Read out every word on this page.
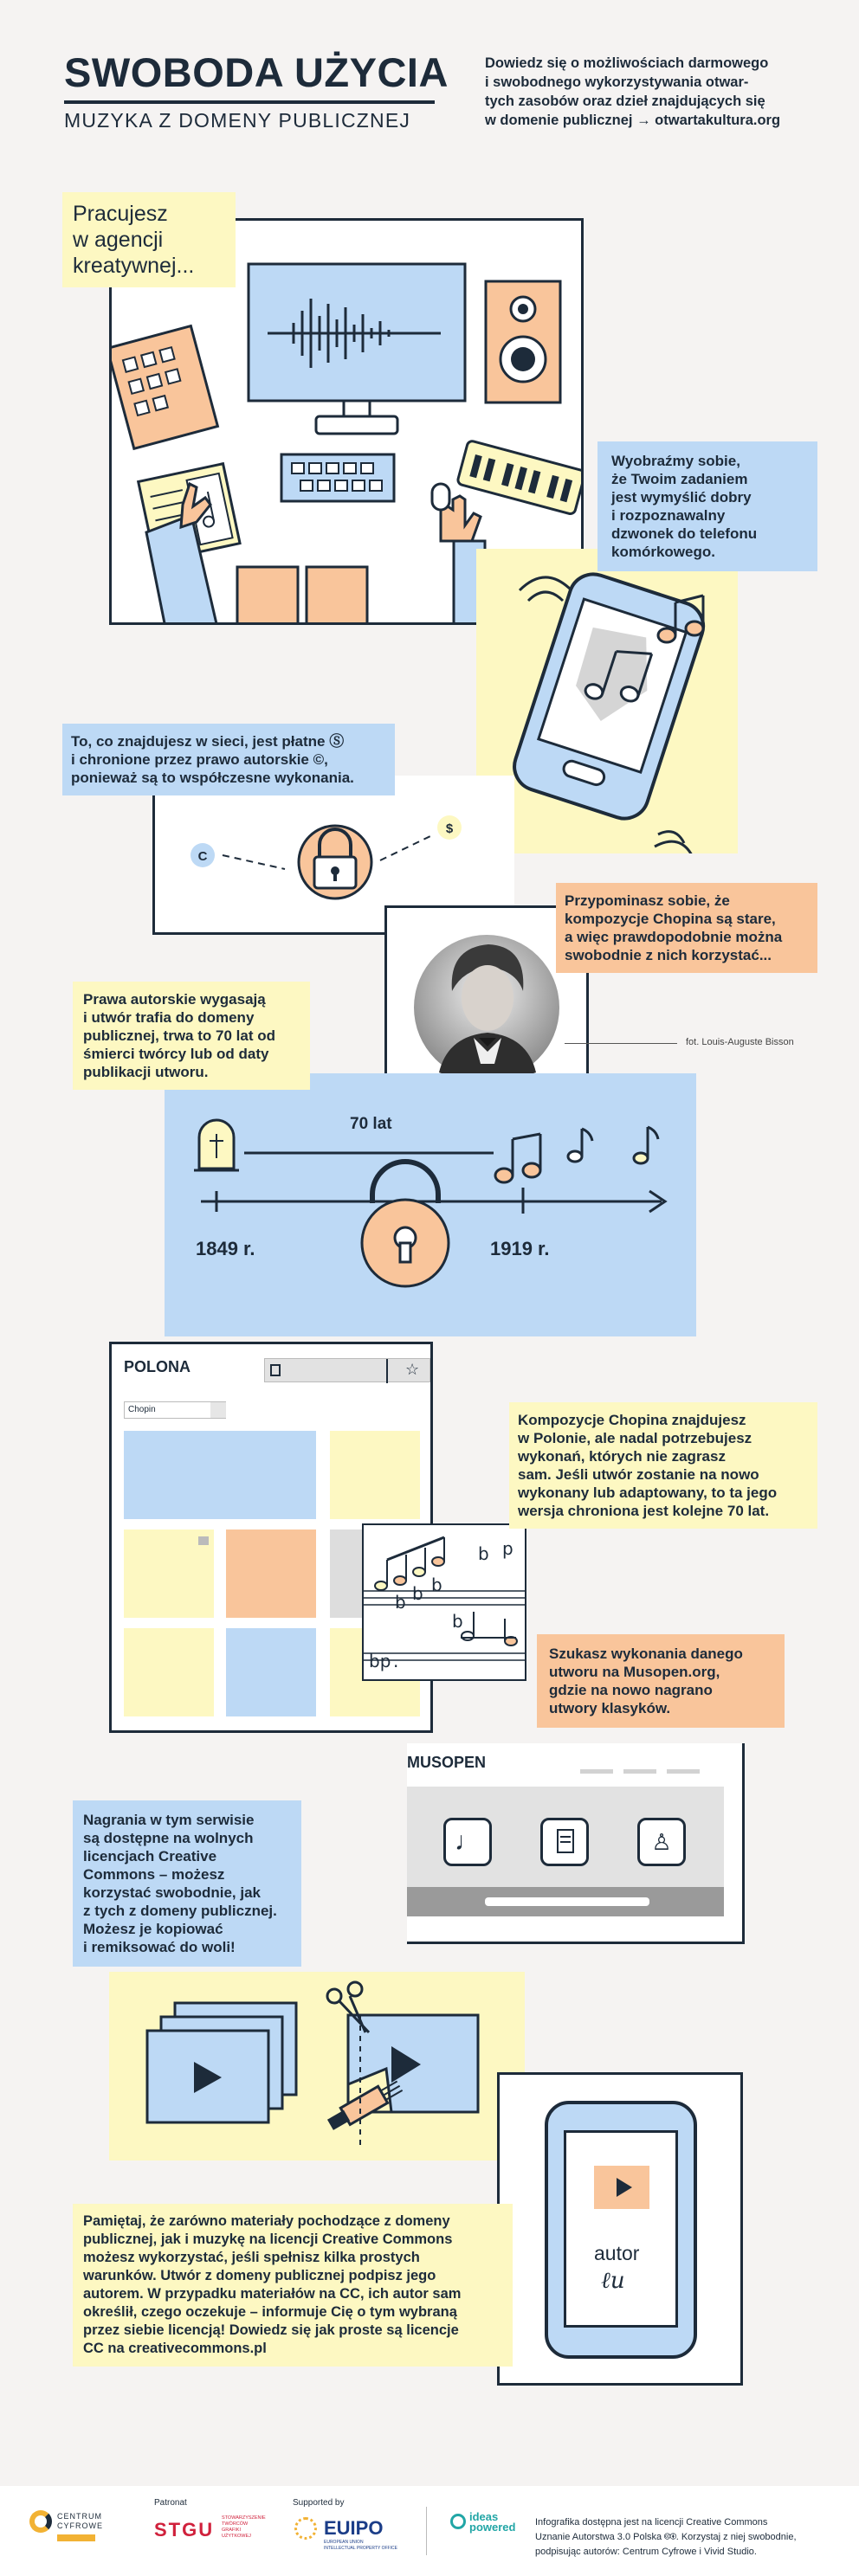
SWOBODA UŻYCIA
MUZYKA Z DOMENY PUBLICZNEJ
Dowiedz się o możliwościach darmowego
i swobodnego wykorzystywania otwar-
tych zasobów oraz dzieł znajdujących się
w domenie publicznej → otwartakultura.org
Pracujesz
w agencji
kreatywnej...
Wyobraźmy sobie,
że Twoim zadaniem
jest wymyślić dobry
i rozpoznawalny
dzwonek do telefonu
komórkowego.
C
$
To, co znajdujesz w sieci, jest płatne Ⓢ
i chronione przez prawo autorskie ©,
ponieważ są to współczesne wykonania.
fot. Louis-Auguste Bisson
Przypominasz sobie, że
kompozycje Chopina są stare,
a więc prawdopodobnie można
swobodnie z nich korzystać...
70 lat
1849 r.	1919 r.
Prawa autorskie wygasają
i utwór trafia do domeny
publicznej, trwa to 70 lat od
śmierci twórcy lub od daty
publikacji utworu.
POLONA	☆
Chopin
b b b
b p
b
bp .
Kompozycje Chopina znajdujesz
w Polonie, ale nadal potrzebujesz
wykonań, których nie zagrasz
sam. Jeśli utwór zostanie na nowo
wykonany lub adaptowany, to ta jego
wersja chroniona jest kolejne 70 lat.
MUSOPEN
♩	♙
Szukasz wykonania danego
utworu na Musopen.org,
gdzie na nowo nagrano
utwory klasyków.
Nagrania w tym serwisie
są dostępne na wolnych
licencjach Creative
Commons – możesz
korzystać swobodnie, jak
z tych z domeny publicznej.
Możesz je kopiować
i remiksować do woli!
autor
ℓu
Pamiętaj, że zarówno materiały pochodzące z domeny
publicznej, jak i muzykę na licencji Creative Commons
możesz wykorzystać, jeśli spełnisz kilka prostych
warunków. Utwór z domeny publicznej podpisz jego
autorem. W przypadku materiałów na CC, ich autor sam
określił, czego oczekuje – informuje Cię o tym wybraną
przez siebie licencją! Dowiedz się jak proste są licencje
CC na creativecommons.pl
CENTRUM
CYFROWE
Patronat
STGU
STOWARZYSZENIE
TWÓRCÓW
GRAFIKI
UŻYTKOWEJ
Supported by
EUIPO
EUROPEAN UNION
INTELLECTUAL PROPERTY OFFICE
ideas
powered Infografika dostępna jest na licencji Creative Commons
Uznanie Autorstwa 3.0 Polska 🅭🅯. Korzystaj z niej swobodnie,
podpisując autorów: Centrum Cyfrowe i Vivid Studio.
